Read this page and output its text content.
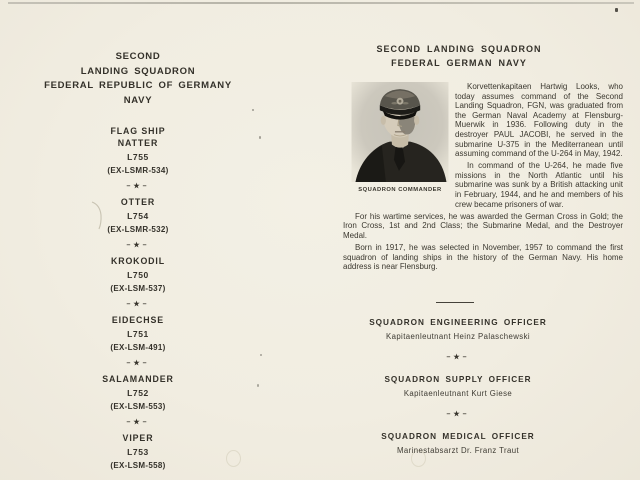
SECOND
LANDING SQUADRON
FEDERAL REPUBLIC OF GERMANY
NAVY
FLAG SHIP
NATTER
L755
(EX-LSMR-534)
–★–
OTTER
L754
(EX-LSMR-532)
–★–
KROKODIL
L750
(EX-LSM-537)
–★–
EIDECHSE
L751
(EX-LSM-491)
–★–
SALAMANDER
L752
(EX-LSM-553)
–★–
VIPER
L753
(EX-LSM-558)
SECOND LANDING SQUADRON
FEDERAL GERMAN NAVY
SQUADRON COMMANDER

Korvettenkapitaen Hartwig Looks, who today assumes command of the Second Landing Squadron, FGN, was graduated from the German Naval Academy at Flensburg-Muerwik in 1936. Following duty in the destroyer PAUL JACOBI, he served in the submarine U-375 in the Mediterranean until assuming command of the U-264 in May, 1942.

In command of the U-264, he made five missions in the North Atlantic until his submarine was sunk by a British attacking unit in February, 1944, and he and members of his crew became prisoners of war.

For his wartime services, he was awarded the German Cross in Gold; the Iron Cross, 1st and 2nd Class; the Submarine Medal, and the Destroyer Medal.

Born in 1917, he was selected in November, 1957 to command the first squadron of landing ships in the history of the German Navy. His home address is near Flensburg.

SQUADRON ENGINEERING OFFICER
Kapitaenleutnant Heinz Palaschewski
–★–
SQUADRON SUPPLY OFFICER
Kapitaenleutnant Kurt Giese
–★–
SQUADRON MEDICAL OFFICER
Marinestabsarzt Dr. Franz Traut
